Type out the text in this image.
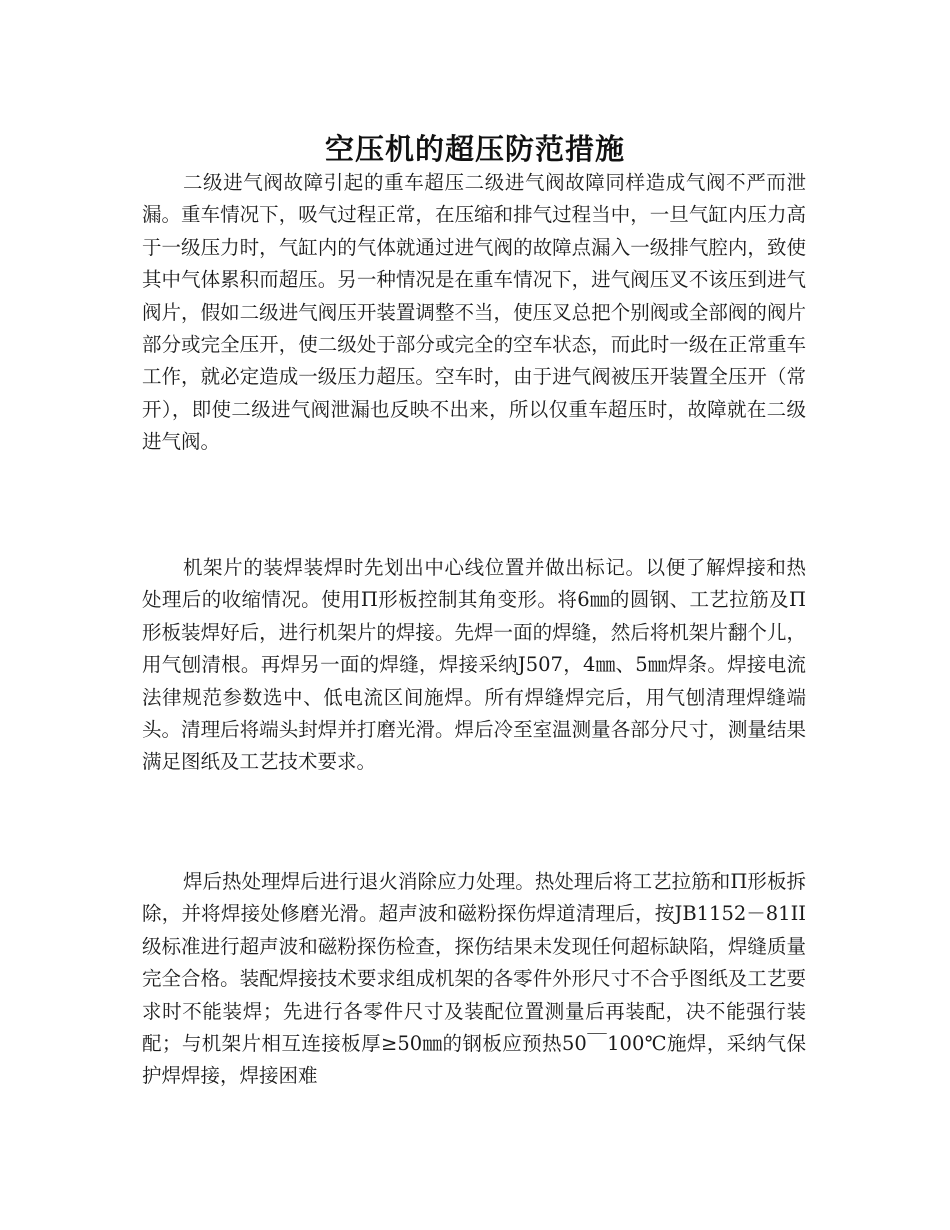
空压机的超压防范措施

二级进气阀故障引起的重车超压二级进气阀故障同样造成气阀不严而泄漏。重车情况下，吸气过程正常，在压缩和排气过程当中，一旦气缸内压力高于一级压力时，气缸内的气体就通过进气阀的故障点漏入一级排气腔内，致使其中气体累积而超压。另一种情况是在重车情况下，进气阀压叉不该压到进气阀片，假如二级进气阀压开装置调整不当，使压叉总把个别阀或全部阀的阀片部分或完全压开，使二级处于部分或完全的空车状态，而此时一级在正常重车工作，就必定造成一级压力超压。空车时，由于进气阀被压开装置全压开（常开），即使二级进气阀泄漏也反映不出来，所以仅重车超压时，故障就在二级进气阀。

机架片的装焊装焊时先划出中心线位置并做出标记。以便了解焊接和热处理后的收缩情况。使用Π形板控制其角变形。将6㎜的圆钢、工艺拉筋及Π形板装焊好后，进行机架片的焊接。先焊一面的焊缝，然后将机架片翻个儿，用气刨清根。再焊另一面的焊缝，焊接采纳J507，4㎜、5㎜焊条。焊接电流法律规范参数选中、低电流区间施焊。所有焊缝焊完后，用气刨清理焊缝端头。清理后将端头封焊并打磨光滑。焊后冷至室温测量各部分尺寸，测量结果满足图纸及工艺技术要求。

焊后热处理焊后进行退火消除应力处理。热处理后将工艺拉筋和Π形板拆除，并将焊接处修磨光滑。超声波和磁粉探伤焊道清理后，按JB1152－81II级标准进行超声波和磁粉探伤检查，探伤结果未发现任何超标缺陷，焊缝质量完全合格。装配焊接技术要求组成机架的各零件外形尺寸不合乎图纸及工艺要求时不能装焊；先进行各零件尺寸及装配位置测量后再装配，决不能强行装配；与机架片相互连接板厚≥50㎜的钢板应预热50￣100℃施焊，采纳气保护焊焊接，焊接困难
